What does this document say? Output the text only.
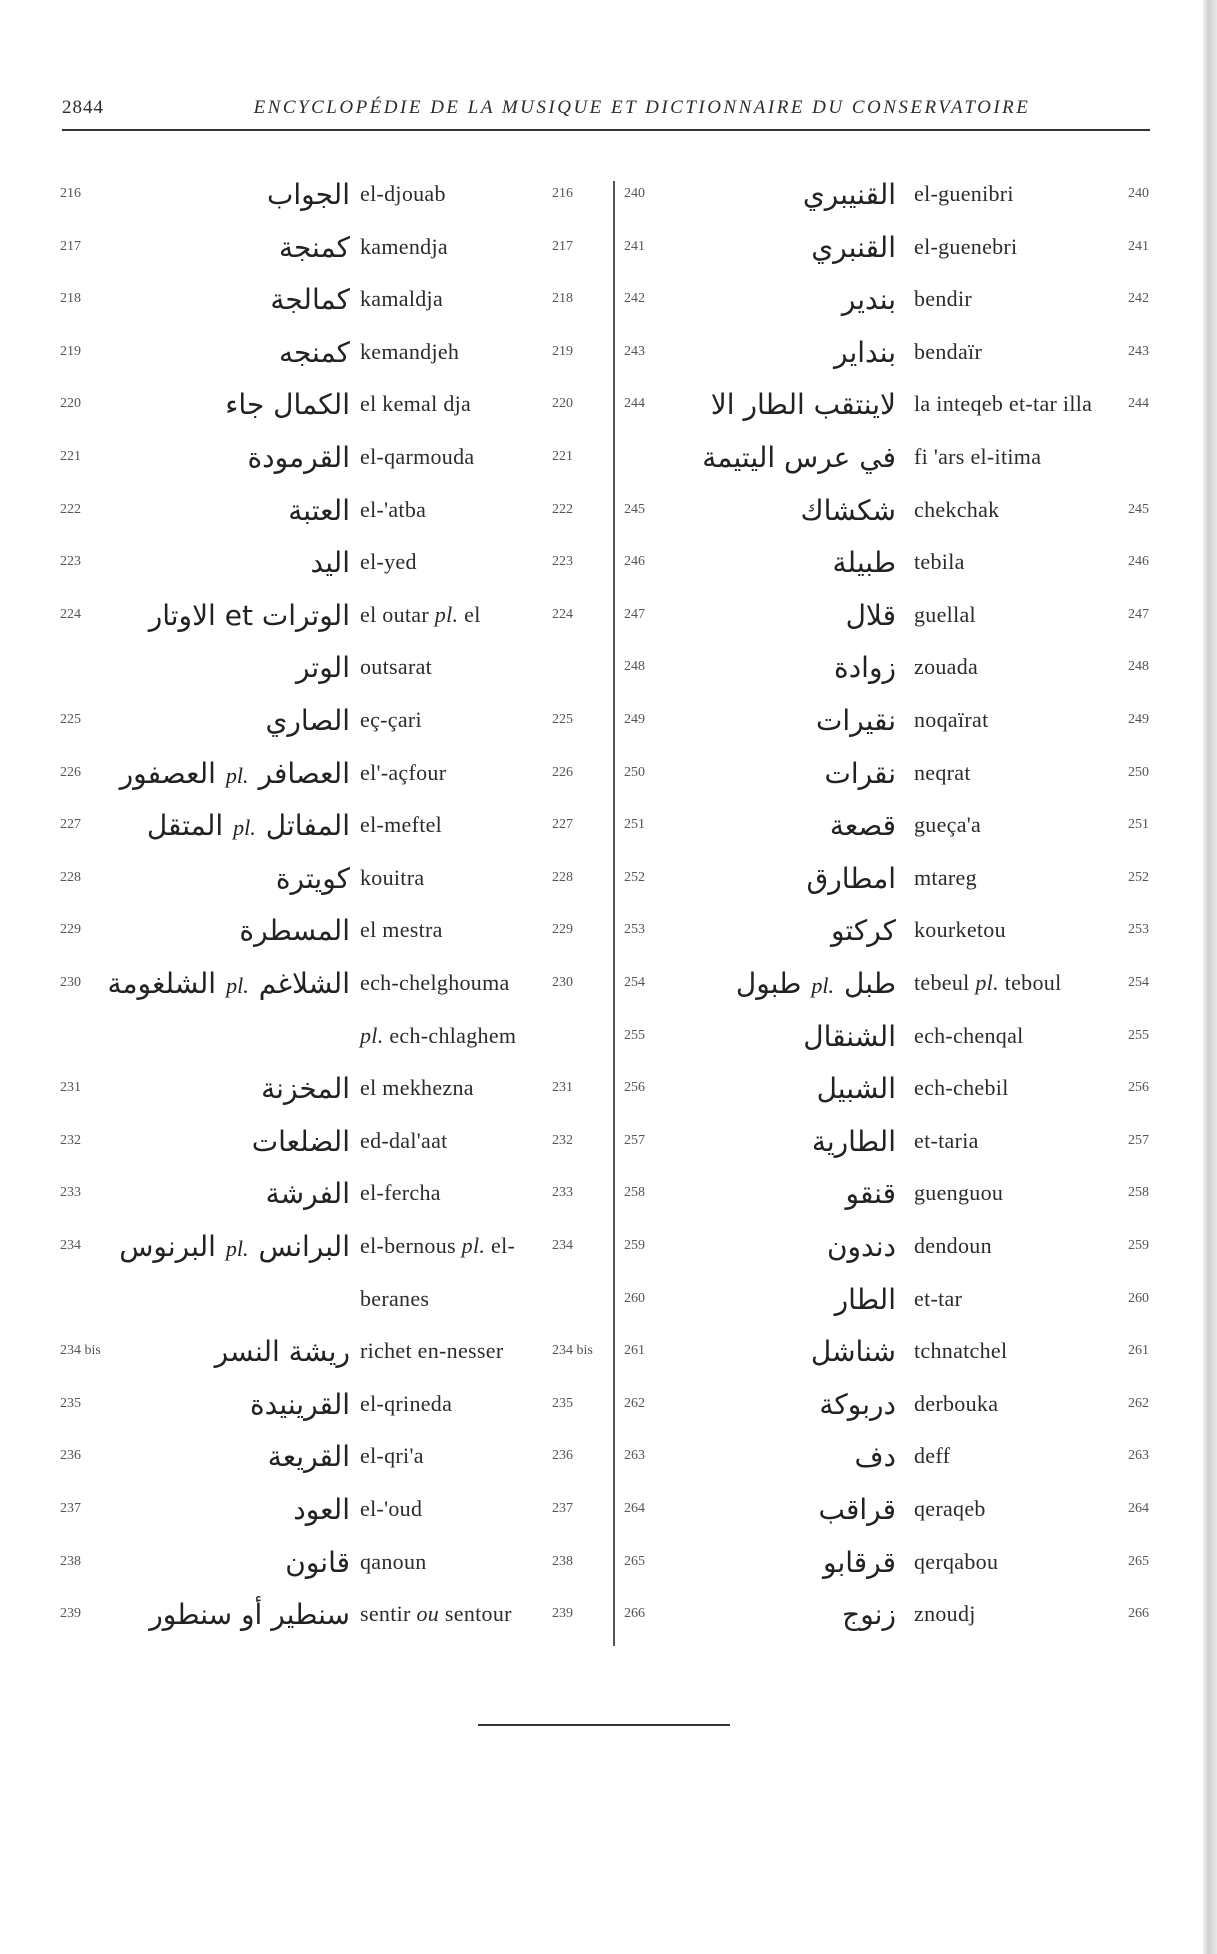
2844	ENCYCLOPÉDIE DE LA MUSIQUE ET DICTIONNAIRE DU CONSERVATOIRE
216	الجواب el-djouab	216
217	كمنجة kamendja	217
218	كمالجة kamaldja	218
219	كمنجه kemandjeh	219
220	الكمال جاء el kemal dja	220
221	القرمودة el-qarmouda	221
222	العتبة el-'atba	222
223	اليد el-yed	223
224 الوترات et الاوتار el outar pl. el	224
الوتر outsarat
225	الصاري eç-çari	225
226	العصافرpl.العصفور	el'-açfour	226
227	المفاتلpl.المتقل	el-meftel	227
228	كويترة kouitra	228
229	المسطرة el mestra	229
230	الشلاغمpl.الشلغومة	ech-chelghouma	230
pl. ech-chlaghem
231	المخزنة el mekhezna	231
232	الضلعات ed-dal'aat	232
233	الفرشة el-fercha	233
234	البرانسpl.البرنوس	el-bernous pl. el-	234
beranes
234 bis	ريشة النسر richet en-nesser	234 bis
235	القرينيدة el-qrineda	235
236	القريعة el-qri'a	236
237	العود el-'oud	237
238	قانون qanoun	238
239 سنطير أو سنطور sentir ou sentour	239
240	القنيبري el-guenibri	240
241	القنبري el-guenebri	241
242	بندير bendir	242
243	بنداير bendaïr	243
244 لاينتقب الطار الا la inteqeb et-tar illa	244
في عرس اليتيمة fi 'ars el-itima
245	شكشاك chekchak	245
246	طبيلة tebila	246
247	قلال guellal	247
248	زوادة zouada	248
249	نقيرات noqaïrat	249
250	نقرات neqrat	250
251	قصعة gueça'a	251
252	امطارق mtareg	252
253	كركتو kourketou	253
254	طبلpl.طبول	tebeul pl. teboul	254
255	الشنقال ech-chenqal	255
256	الشبيل ech-chebil	256
257	الطارية et-taria	257
258	قنقو guenguou	258
259	دندون dendoun	259
260	الطار et-tar	260
261	شناشل tchnatchel	261
262	دربوكة derbouka	262
263	دف deff	263
264	قراقب qeraqeb	264
265	قرقابو qerqabou	265
266	زنوج znoudj	266
